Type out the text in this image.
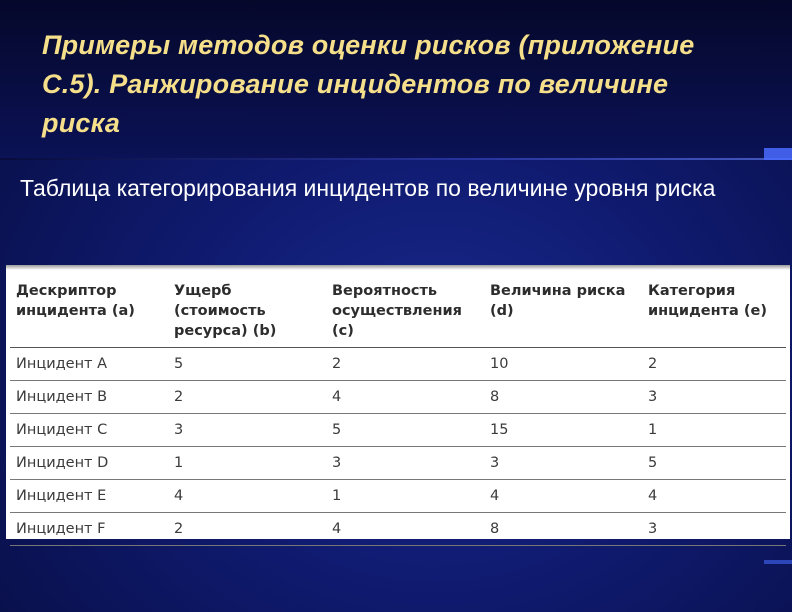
Примеры методов оценки рисков (приложение С.5). Ранжирование инцидентов по величине риска
Таблица категорирования инцидентов по величине уровня риска
Дескриптор инцидента (a)	Ущерб (стоимость ресурса) (b)	Вероятность осуществления (c)	Величина риска (d)	Категория инцидента (e)
Инцидент A	5	2	10	2
Инцидент B	2	4	8	3
Инцидент C	3	5	15	1
Инцидент D	1	3	3	5
Инцидент E	4	1	4	4
Инцидент F	2	4	8	3
